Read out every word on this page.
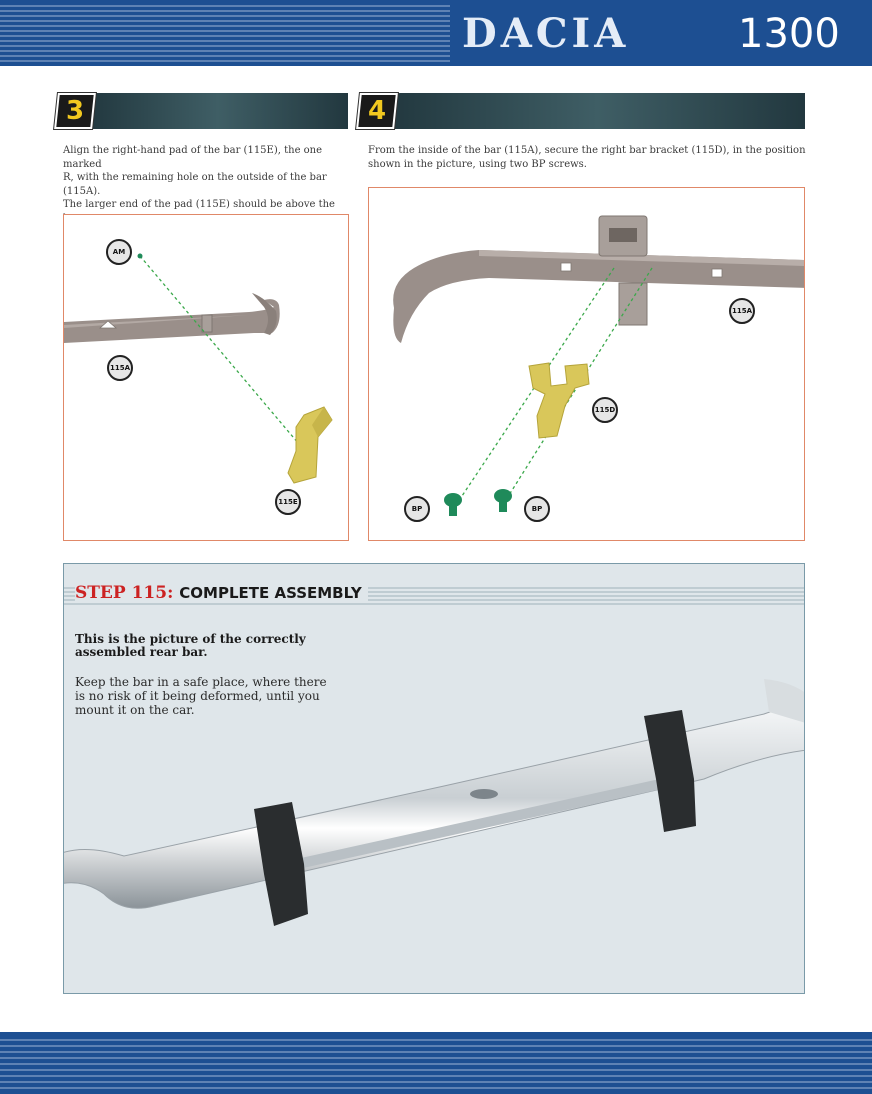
DACIA	1300
3	4
Align the right-hand pad of the bar (115E), the one marked
R, with the remaining hole on the outside of the bar (115A).
The larger end of the pad (115E) should be above the
From the inside of the bar (115A), secure the right bar bracket (115D), in the position
shown in the picture, using two BP screws.
AM
115A
115E
115A
115D
BP	BP
STEP 115: COMPLETE ASSEMBLY
This is the picture of the correctly assembled rear bar.
Keep the bar in a safe place, where there is no risk of it being deformed, until you mount it on the car.
